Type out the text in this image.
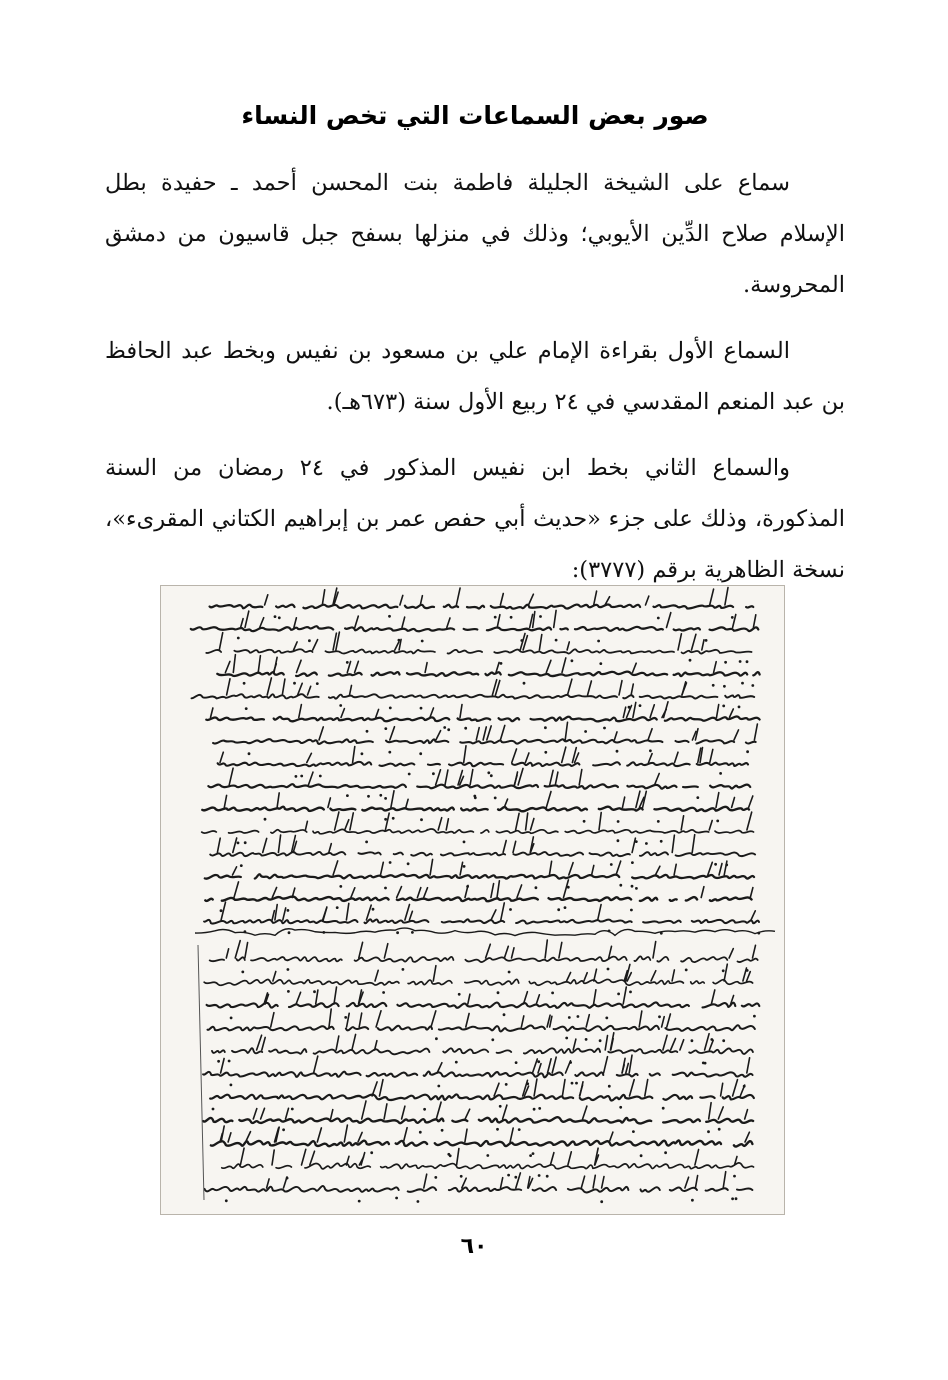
صور بعض السماعات التي تخص النساء

سماع على الشيخة الجليلة فاطمة بنت المحسن أحمد ـ حفيدة بطل الإسلام صلاح الدِّين الأيوبي؛ وذلك في منزلها بسفح جبل قاسيون من دمشق المحروسة.

السماع الأول بقراءة الإمام علي بن مسعود بن نفيس وبخط عبد الحافظ بن عبد المنعم المقدسي في ٢٤ ربيع الأول سنة (٦٧٣هـ).

والسماع الثاني بخط ابن نفيس المذكور في ٢٤ رمضان من السنة المذكورة، وذلك على جزء «حديث أبي حفص عمر بن إبراهيم الكتاني المقرىء»، نسخة الظاهرية برقم (٣٧٧٧):

٦٠
